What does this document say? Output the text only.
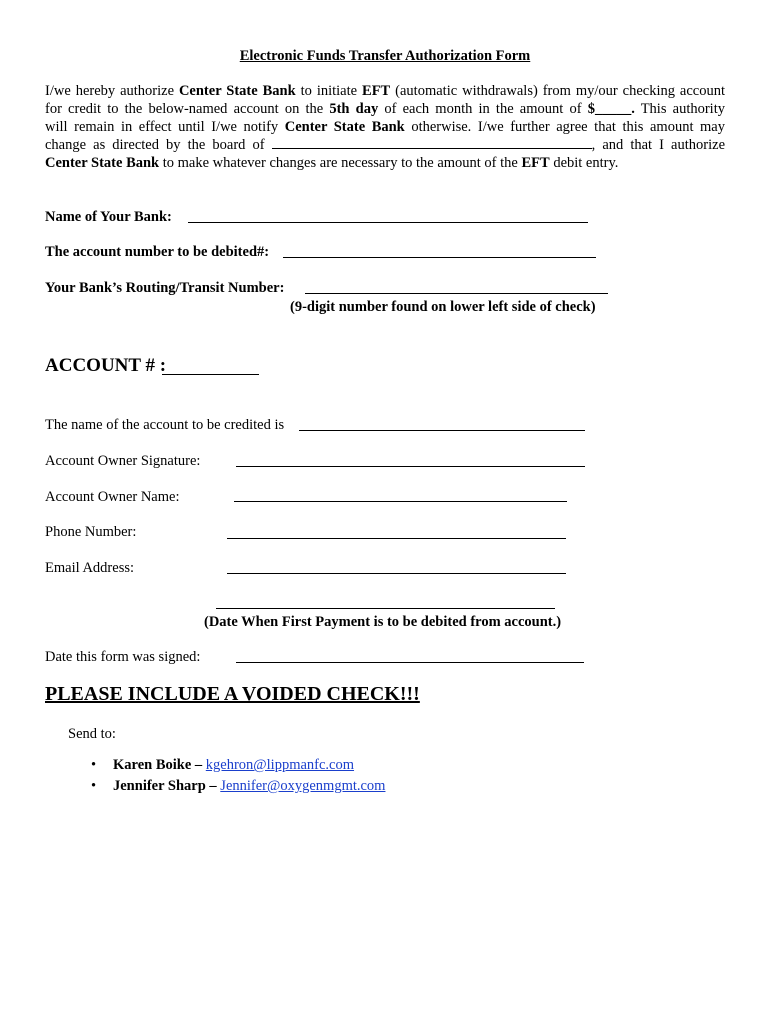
Electronic Funds Transfer Authorization Form

I/we hereby authorize Center State Bank to initiate EFT (automatic withdrawals) from my/our checking account

for credit to the below-named account on the 5th day of each month in the amount of $_____. This authority

will remain in effect until I/we notify Center State Bank otherwise. I/we further agree that this amount may

change as directed by the board of	, and that I authorize

Center State Bank to make whatever changes are necessary to the amount of the EFT debit entry.

Name of Your Bank:
The account number to be debited#:
Your Bank’s Routing/Transit Number:
(9-digit number found on lower left side of check)
ACCOUNT # :
The name of the account to be credited is
Account Owner Signature:
Account Owner Name:
Phone Number:
Email Address:
(Date When First Payment is to be debited from account.)
Date this form was signed:
PLEASE INCLUDE A VOIDED CHECK!!!
Send to:
• Karen Boike – kgehron@lippmanfc.com
• Jennifer Sharp – Jennifer@oxygenmgmt.com
